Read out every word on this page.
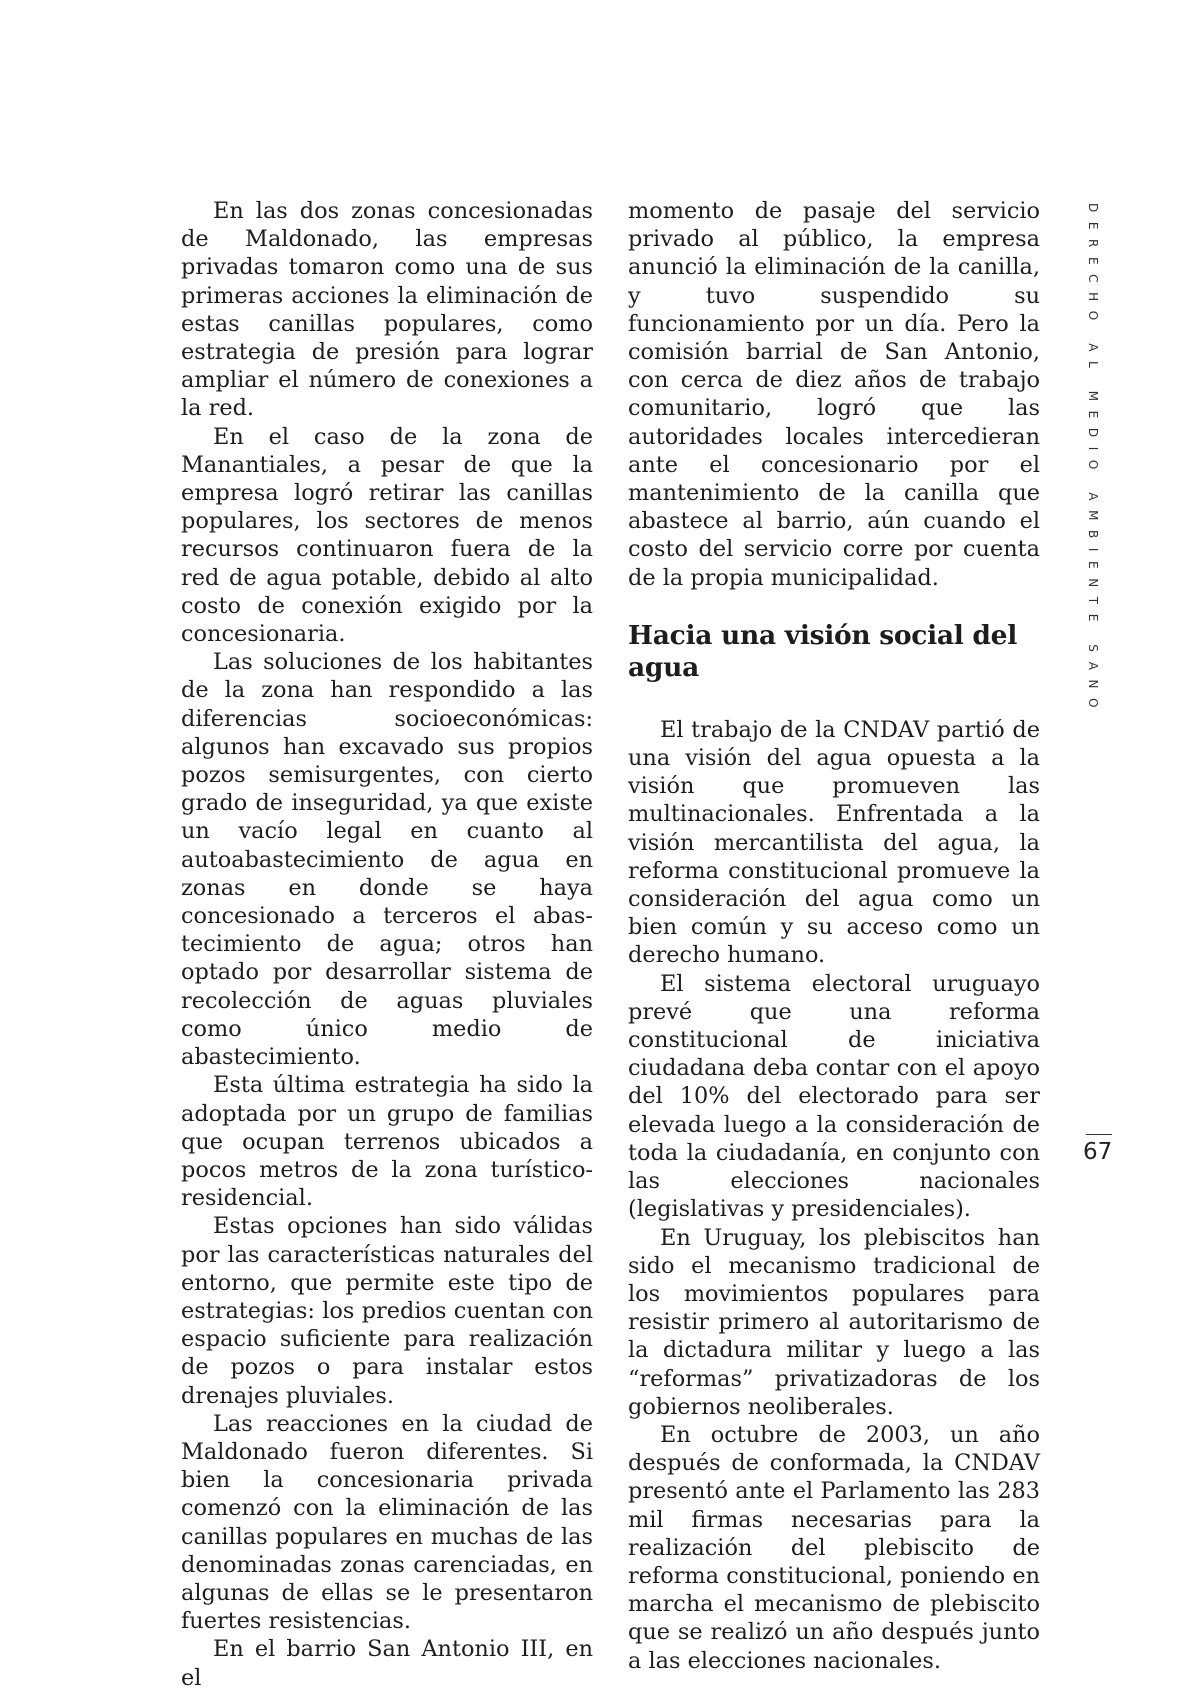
En las dos zonas concesionadas de Maldonado, las empresas privadas tomaron como una de sus primeras acciones la eliminación de estas canillas populares, como estrategia de presión para lograr ampliar el número de conexiones a la red.

En el caso de la zona de Manantiales, a pesar de que la empresa logró retirar las canillas populares, los sectores de menos recursos continuaron fuera de la red de agua potable, debido al alto costo de conexión exigido por la concesionaria.

Las soluciones de los habitantes de la zona han respondido a las diferencias socioeconómicas: algunos han excavado sus propios pozos semisurgentes, con cierto grado de inseguridad, ya que existe un vacío legal en cuanto al autoabastecimiento de agua en zonas en donde se haya concesionado a terceros el abastecimiento de agua; otros han optado por desarrollar sistema de recolección de aguas pluviales como único medio de abastecimiento.

Esta última estrategia ha sido la adoptada por un grupo de familias que ocupan terrenos ubicados a pocos metros de la zona turístico-residencial.

Estas opciones han sido válidas por las características naturales del entorno, que permite este tipo de estrategias: los predios cuentan con espacio suficiente para realización de pozos o para instalar estos drenajes pluviales.

Las reacciones en la ciudad de Maldonado fueron diferentes. Si bien la concesionaria privada comenzó con la eliminación de las canillas populares en muchas de las denominadas zonas carenciadas, en algunas de ellas se le presentaron fuertes resistencias.

En el barrio San Antonio III, en el

momento de pasaje del servicio privado al público, la empresa anunció la eliminación de la canilla, y tuvo suspendido su funcionamiento por un día. Pero la comisión barrial de San Antonio, con cerca de diez años de trabajo comunitario, logró que las autoridades locales intercedieran ante el concesionario por el mantenimiento de la canilla que abastece al barrio, aún cuando el costo del servicio corre por cuenta de la propia municipalidad.

Hacia una visión social del agua

El trabajo de la CNDAV partió de una visión del agua opuesta a la visión que promueven las multinacionales. Enfrentada a la visión mercantilista del agua, la reforma constitucional promueve la consideración del agua como un bien común y su acceso como un derecho humano.

El sistema electoral uruguayo prevé que una reforma constitucional de iniciativa ciudadana deba contar con el apoyo del 10% del electorado para ser elevada luego a la consideración de toda la ciudadanía, en conjunto con las elecciones nacionales (legislativas y presidenciales).

En Uruguay, los plebiscitos han sido el mecanismo tradicional de los movimientos populares para resistir primero al autoritarismo de la dictadura militar y luego a las “reformas” privatizadoras de los gobiernos neoliberales.

En octubre de 2003, un año después de conformada, la CNDAV presentó ante el Parlamento las 283 mil firmas necesarias para la realización del plebiscito de reforma constitucional, poniendo en marcha el mecanismo de plebiscito que se realizó un año después junto a las elecciones nacionales.

DERECHO AL MEDIO AMBIENTE SANO
67
